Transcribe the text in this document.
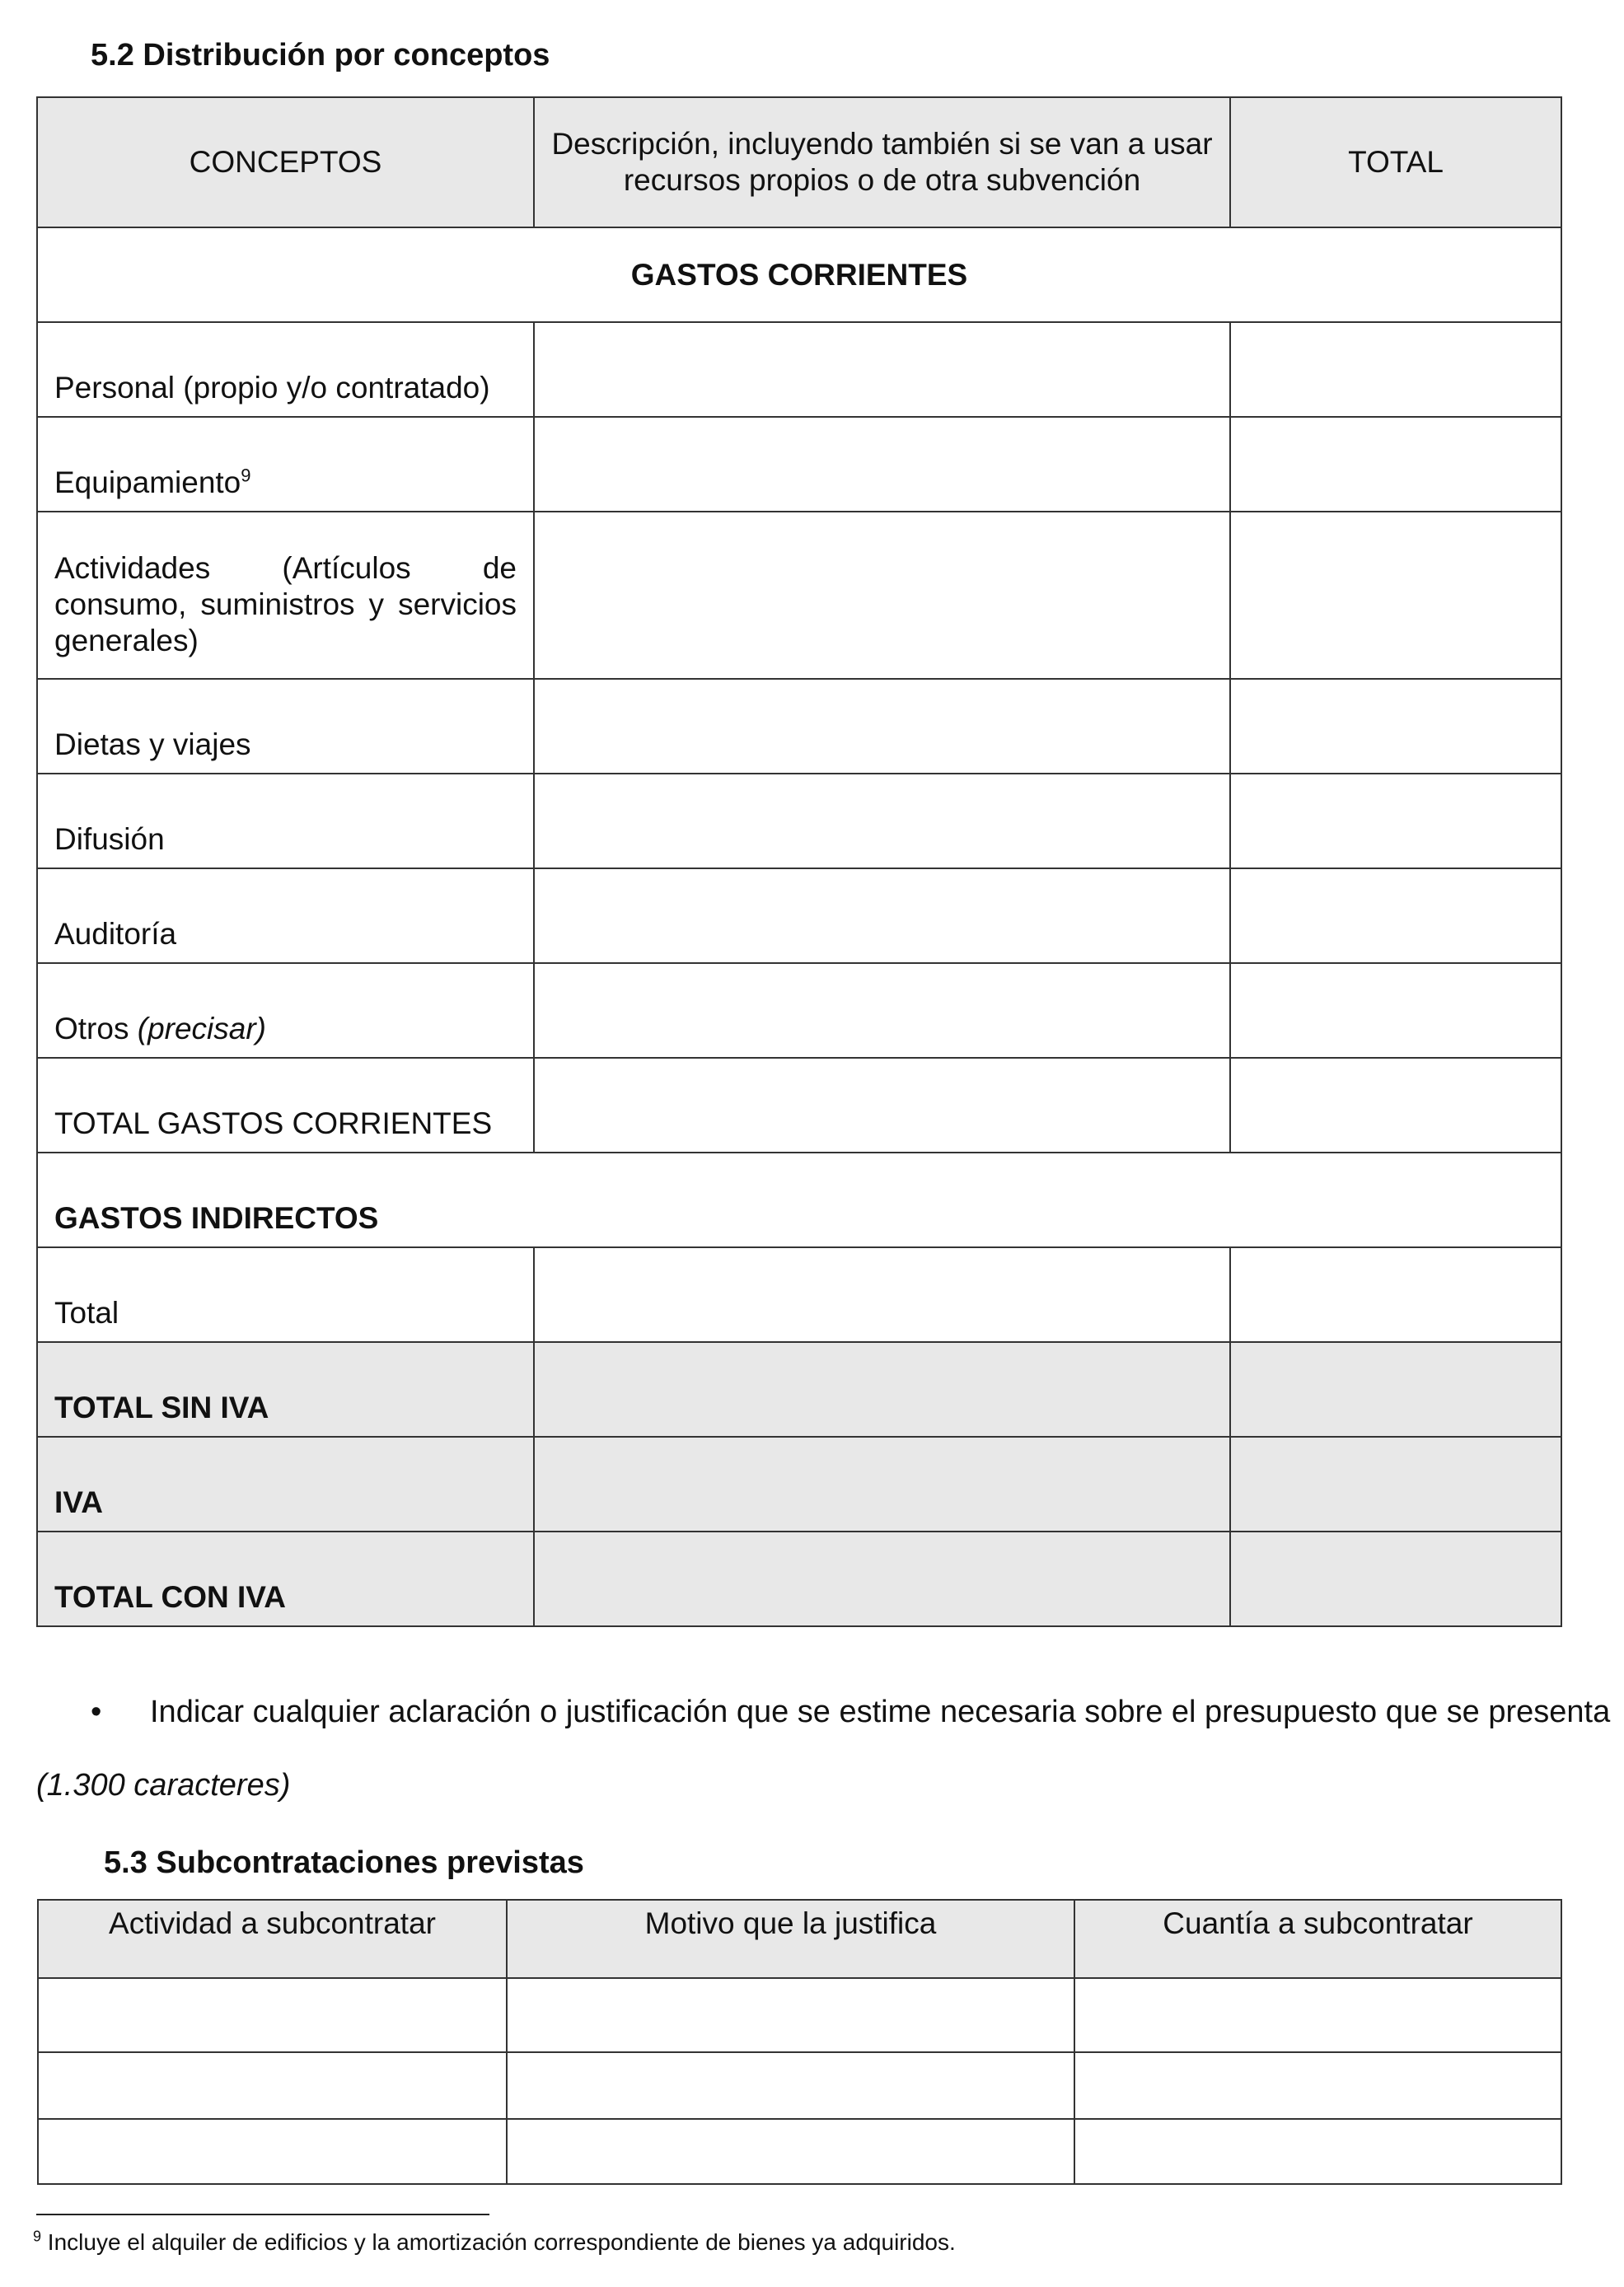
5.2 Distribución por conceptos
CONCEPTOS	Descripción, incluyendo también si se van a usar recursos propios o de otra subvención	TOTAL
GASTOS CORRIENTES		
Personal (propio y/o contratado)		
Equipamiento$^9$		
Actividades (Artículos de consumo, suministros y servicios generales)		
Dietas y viajes		
Difusión		
Auditoría		
Otros (precisar)		
TOTAL GASTOS CORRIENTES		
GASTOS INDIRECTOS		
Total		
TOTAL SIN IVA		
IVA		
TOTAL CON IVA		
• Indicar cualquier aclaración o justificación que se estime necesaria sobre el presupuesto que se presenta
(1.300 caracteres)
5.3 Subcontrataciones previstas
Actividad a subcontratar	Motivo que la justifica	Cuantía a subcontratar

$^9$ Incluye el alquiler de edificios y la amortización correspondiente de bienes ya adquiridos.
